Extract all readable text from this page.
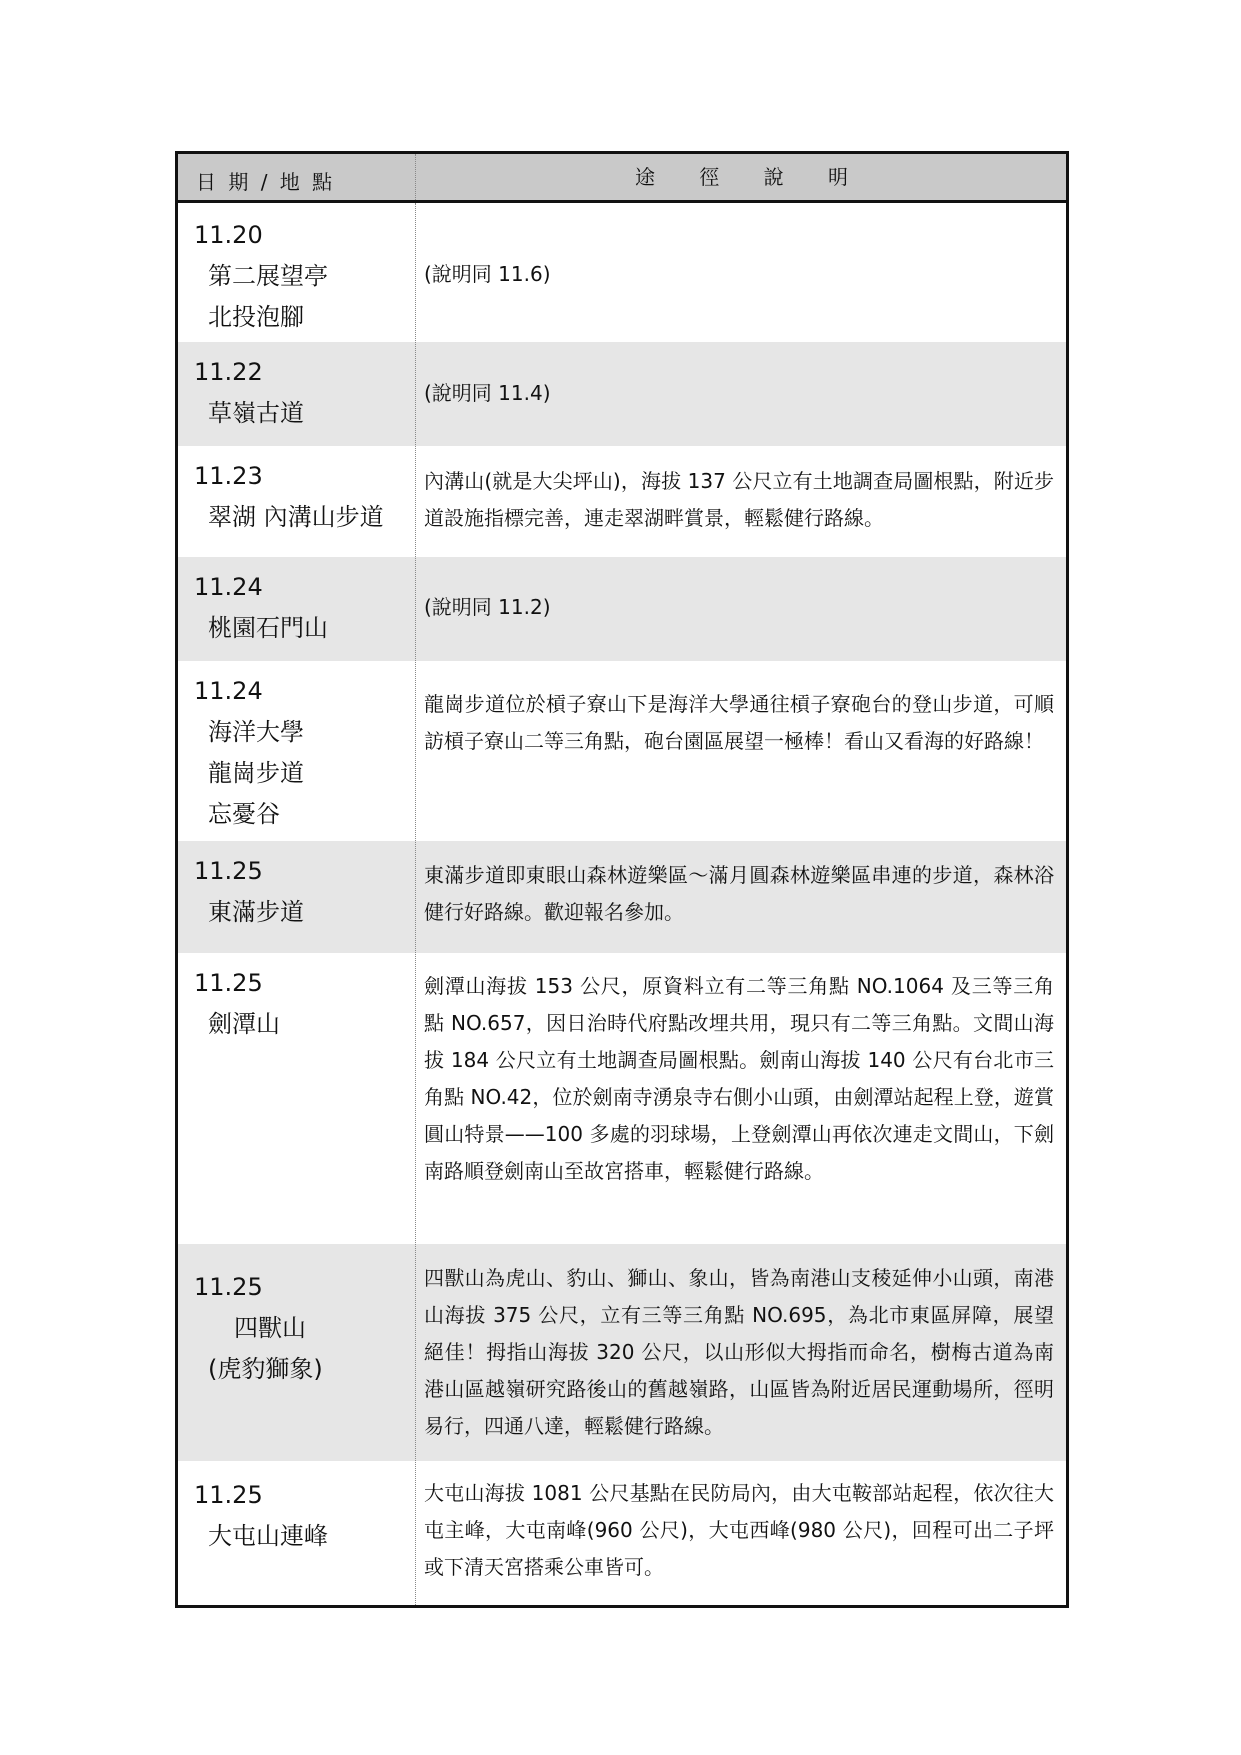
日 期 / 地 點	途 徑 說 明
11.20
第二展望亭
北投泡腳
(說明同 11.6)
11.22
草嶺古道
(說明同 11.4)
11.23
翠湖 內溝山步道
內溝山(就是大尖坪山)，海拔 137 公尺立有土地調查局圖根點，附近步道設施指標完善，連走翠湖畔賞景，輕鬆健行路線。
11.24
桃園石門山
(說明同 11.2)
11.24
海洋大學
龍崗步道
忘憂谷
龍崗步道位於槓子寮山下是海洋大學通往槓子寮砲台的登山步道，可順訪槓子寮山二等三角點，砲台園區展望一極棒！看山又看海的好路線！
11.25
東滿步道
東滿步道即東眼山森林遊樂區～滿月圓森林遊樂區串連的步道，森林浴健行好路線。歡迎報名參加。
11.25
劍潭山
劍潭山海拔 153 公尺，原資料立有二等三角點 NO.1064 及三等三角點 NO.657，因日治時代府點改埋共用，現只有二等三角點。文間山海拔 184 公尺立有土地調查局圖根點。劍南山海拔 140 公尺有台北市三角點 NO.42，位於劍南寺湧泉寺右側小山頭，由劍潭站起程上登，遊賞圓山特景——100 多處的羽球場，上登劍潭山再依次連走文間山，下劍南路順登劍南山至故宮搭車，輕鬆健行路線。
11.25
四獸山
(虎豹獅象)
四獸山為虎山、豹山、獅山、象山，皆為南港山支稜延伸小山頭，南港山海拔 375 公尺，立有三等三角點 NO.695，為北市東區屏障，展望絕佳！拇指山海拔 320 公尺，以山形似大拇指而命名，樹梅古道為南港山區越嶺研究路後山的舊越嶺路，山區皆為附近居民運動場所，徑明易行，四通八達，輕鬆健行路線。
11.25
大屯山連峰
大屯山海拔 1081 公尺基點在民防局內，由大屯鞍部站起程，依次往大屯主峰，大屯南峰(960 公尺)，大屯西峰(980 公尺)，回程可出二子坪或下清天宮搭乘公車皆可。
